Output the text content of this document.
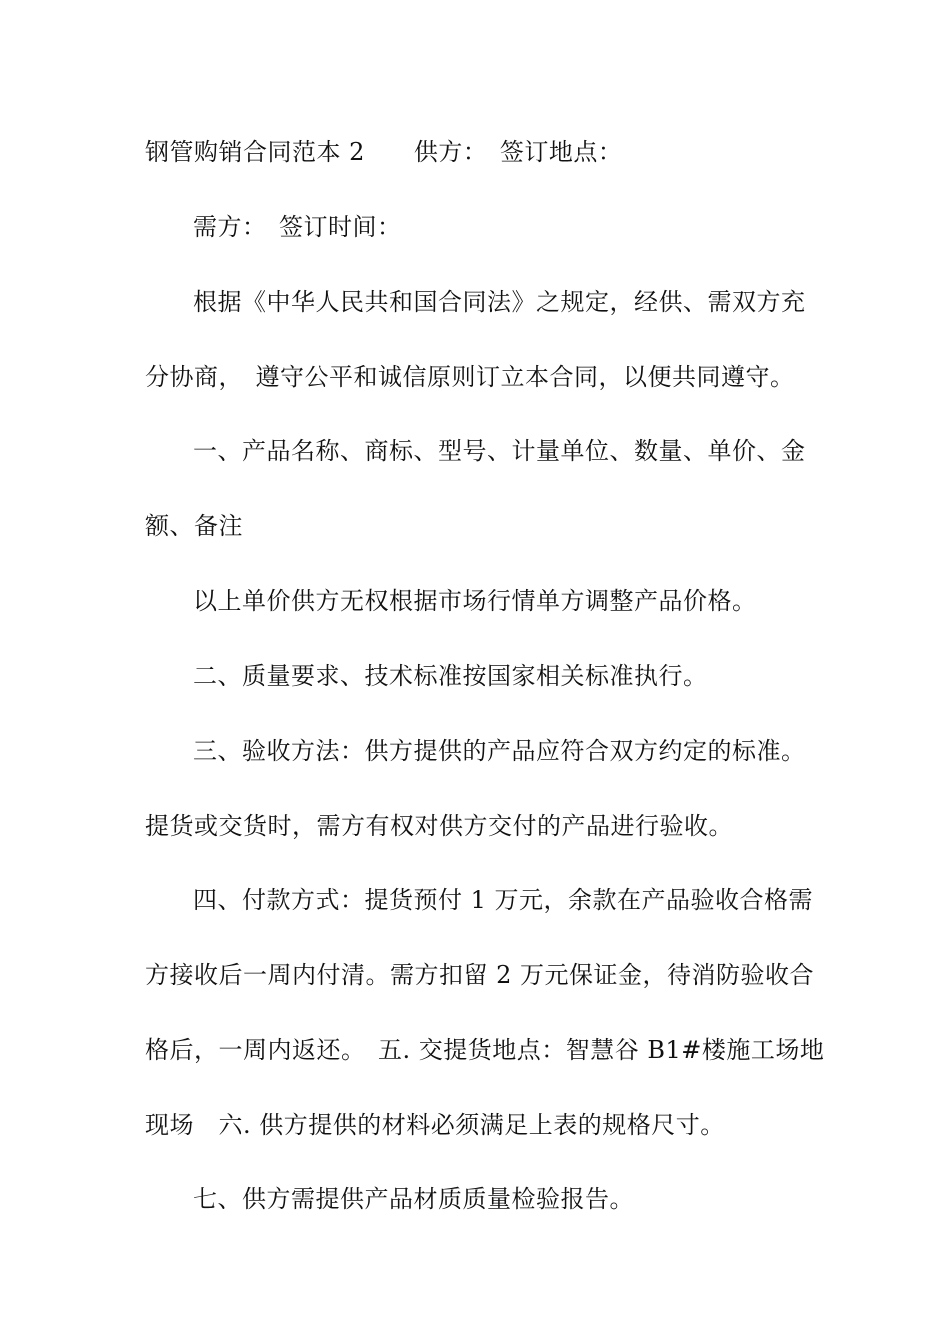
钢管购销合同范本 2　　供方：　签订地点：
需方：　签订时间：
根据《中华人民共和国合同法》之规定，经供、需双方充
分协商，　遵守公平和诚信原则订立本合同，以便共同遵守。
一、产品名称、商标、型号、计量单位、数量、单价、金
额、备注
以上单价供方无权根据市场行情单方调整产品价格。
二、质量要求、技术标准按国家相关标准执行。
三、验收方法：供方提供的产品应符合双方约定的标准。
提货或交货时，需方有权对供方交付的产品进行验收。
四、付款方式：提货预付 1 万元，余款在产品验收合格需
方接收后一周内付清。需方扣留 2 万元保证金，待消防验收合
格后，一周内返还。　五. 交提货地点：智慧谷 B1#楼施工场地
现场　六. 供方提供的材料必须满足上表的规格尺寸。
七、供方需提供产品材质质量检验报告。
